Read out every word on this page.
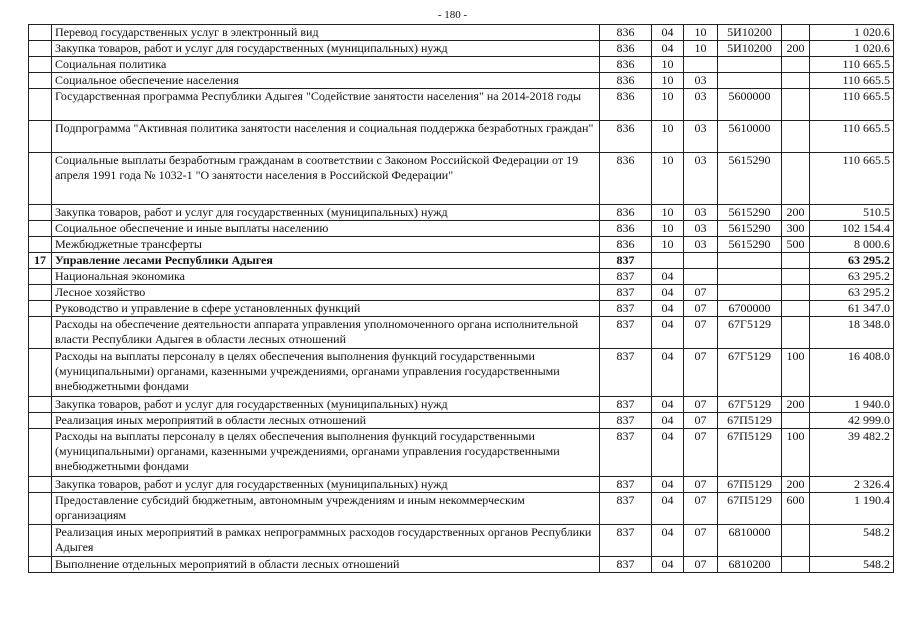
- 180 -
	Перевод государственных услуг в электронный вид	836	04	10	5И10200		1 020.6
	Закупка товаров, работ и услуг для государственных (муниципальных) нужд	836	04	10	5И10200	200	1 020.6
	Социальная политика	836	10				110 665.5
	Социальное обеспечение населения	836	10	03			110 665.5
	Государственная программа Республики Адыгея "Содействие занятости населения" на 2014-2018 годы	836	10	03	5600000		110 665.5
	Подпрограмма "Активная политика занятости населения и социальная поддержка безработных граждан"	836	10	03	5610000		110 665.5
	Социальные выплаты безработным гражданам в соответствии с Законом Российской Федерации от 19 апреля 1991 года № 1032-1 "О занятости населения в Российской Федерации"	836	10	03	5615290		110 665.5
	Закупка товаров, работ и услуг для государственных (муниципальных) нужд	836	10	03	5615290	200	510.5
	Социальное обеспечение и иные выплаты населению	836	10	03	5615290	300	102 154.4
	Межбюджетные трансферты	836	10	03	5615290	500	8 000.6
17	Управление лесами Республики Адыгея	837					63 295.2
	Национальная экономика	837	04				63 295.2
	Лесное хозяйство	837	04	07			63 295.2
	Руководство и управление в сфере установленных функций	837	04	07	6700000		61 347.0
	Расходы на обеспечение деятельности аппарата управления уполномоченного органа исполнительной власти Республики Адыгея в области лесных отношений	837	04	07	67Г5129		18 348.0
	Расходы на выплаты персоналу в целях обеспечения выполнения функций государственными (муниципальными) органами, казенными учреждениями, органами управления государственными внебюджетными фондами	837	04	07	67Г5129	100	16 408.0
	Закупка товаров, работ и услуг для государственных (муниципальных) нужд	837	04	07	67Г5129	200	1 940.0
	Реализация иных мероприятий в области лесных отношений	837	04	07	67П5129		42 999.0
	Расходы на выплаты персоналу в целях обеспечения выполнения функций государственными (муниципальными) органами, казенными учреждениями, органами управления государственными внебюджетными фондами	837	04	07	67П5129	100	39 482.2
	Закупка товаров, работ и услуг для государственных (муниципальных) нужд	837	04	07	67П5129	200	2 326.4
	Предоставление субсидий бюджетным, автономным учреждениям и иным некоммерческим организациям	837	04	07	67П5129	600	1 190.4
	Реализация иных мероприятий в рамках непрограммных расходов государственных органов Республики Адыгея	837	04	07	6810000		548.2
	Выполнение отдельных мероприятий в области лесных отношений	837	04	07	6810200		548.2
